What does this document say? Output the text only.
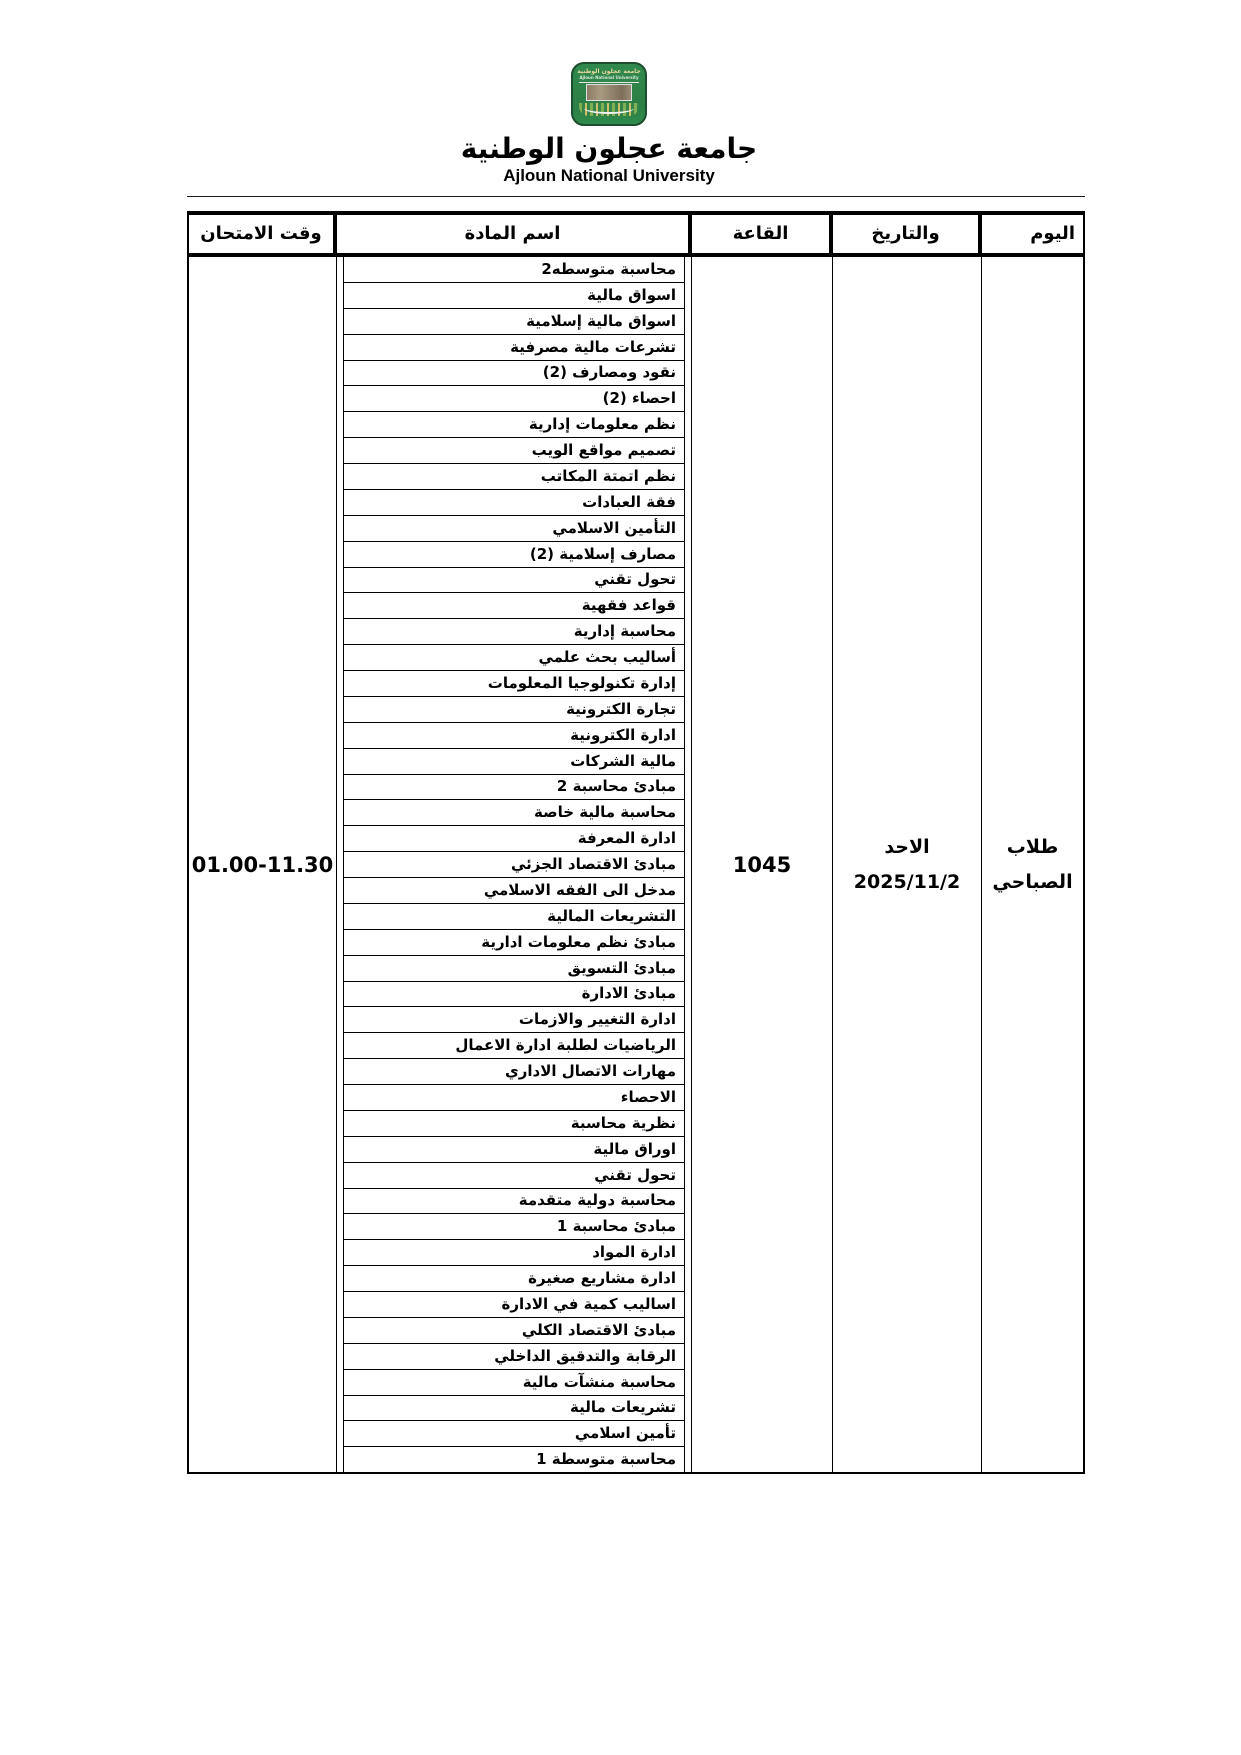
جامعة عجلون الوطنية
Ajloun National University
جامعة عجلون الوطنية
Ajloun National University
اليوم
والتاريخ
القاعة
اسم المادة
وقت الامتحان
طلاب
الصباحي
الاحد
2025/11/2
1045
محاسبة متوسطه2
اسواق مالية
اسواق مالية إسلامية
تشرعات مالية مصرفية
نقود ومصارف (2)
احصاء (2)
نظم معلومات إدارية
تصميم مواقع الويب
نظم اتمتة المكاتب
فقة العبادات
التأمين الاسلامي
مصارف إسلامية (2)
تحول تقني
قواعد فقهية
محاسبة إدارية
أساليب بحث علمي
إدارة تكنولوجيا المعلومات
تجارة الكترونية
ادارة الكترونية
مالية الشركات
مبادئ محاسبة 2
محاسبة مالية خاصة
ادارة المعرفة
مبادئ الاقتصاد الجزئي
مدخل الى الفقه الاسلامي
التشريعات المالية
مبادئ نظم معلومات ادارية
مبادئ التسويق
مبادئ الادارة
ادارة التغيير والازمات
الرياضيات لطلبة ادارة الاعمال
مهارات الاتصال الاداري
الاحصاء
نظرية محاسبة
اوراق مالية
تحول تقني
محاسبة دولية متقدمة
مبادئ محاسبة 1
ادارة المواد
ادارة مشاريع صغيرة
اساليب كمية في الادارة
مبادئ الاقتصاد الكلي
الرقابة والتدقيق الداخلي
محاسبة منشآت مالية
تشريعات مالية
تأمين اسلامي
محاسبة متوسطة 1
01.00-11.30
